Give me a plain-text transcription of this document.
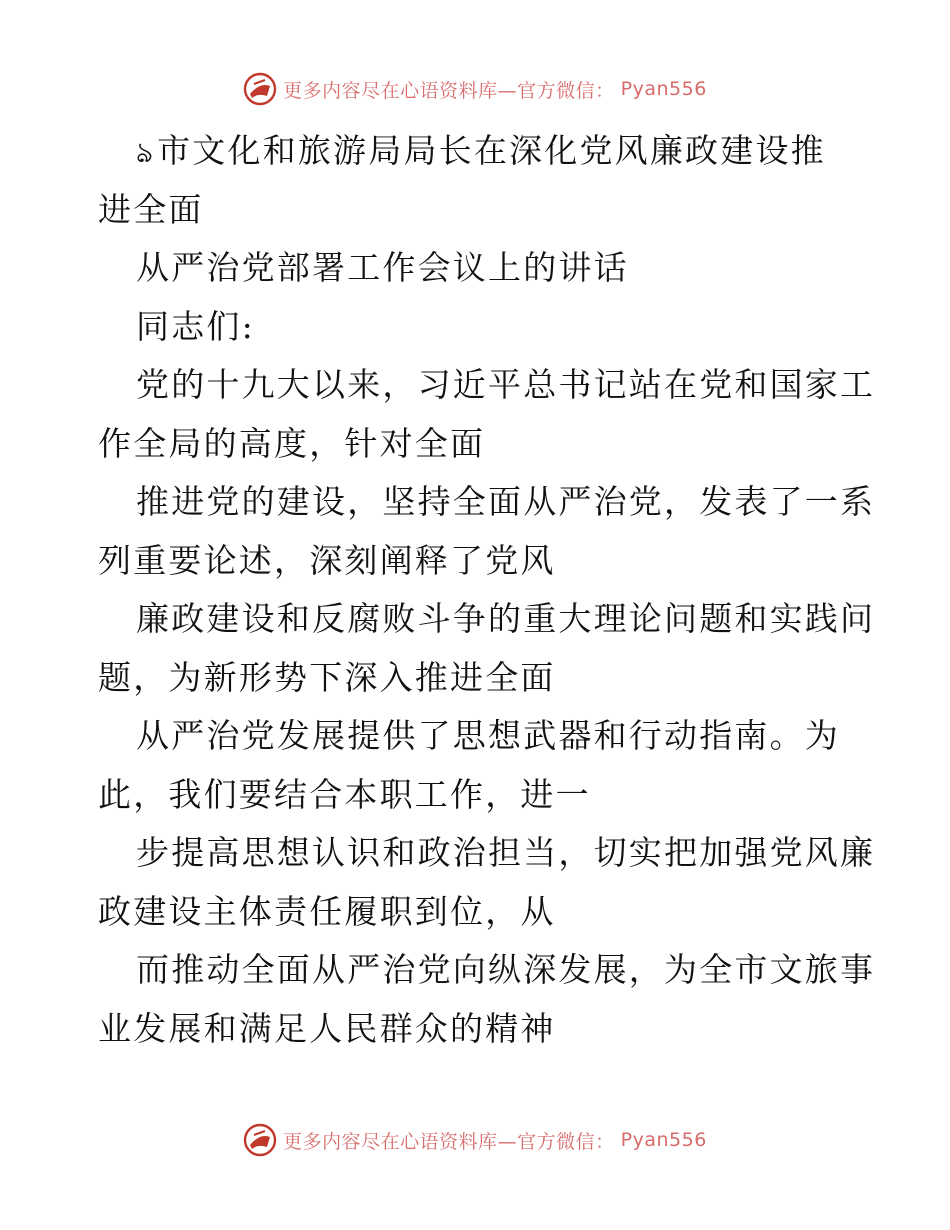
更多内容尽在心语资料库—官方微信： Pyan556
ঌ市文化和旅游局局长在深化党风廉政建设推
进全面
从严治党部署工作会议上的讲话
同志们:
党的十九大以来，习近平总书记站在党和国家工
作全局的高度，针对全面
推进党的建设，坚持全面从严治党，发表了一系
列重要论述，深刻阐释了党风
廉政建设和反腐败斗争的重大理论问题和实践问
题，为新形势下深入推进全面
从严治党发展提供了思想武器和行动指南。为
此，我们要结合本职工作，进一
步提高思想认识和政治担当，切实把加强党风廉
政建设主体责任履职到位，从
而推动全面从严治党向纵深发展，为全市文旅事
业发展和满足人民群众的精神
更多内容尽在心语资料库—官方微信： Pyan556
